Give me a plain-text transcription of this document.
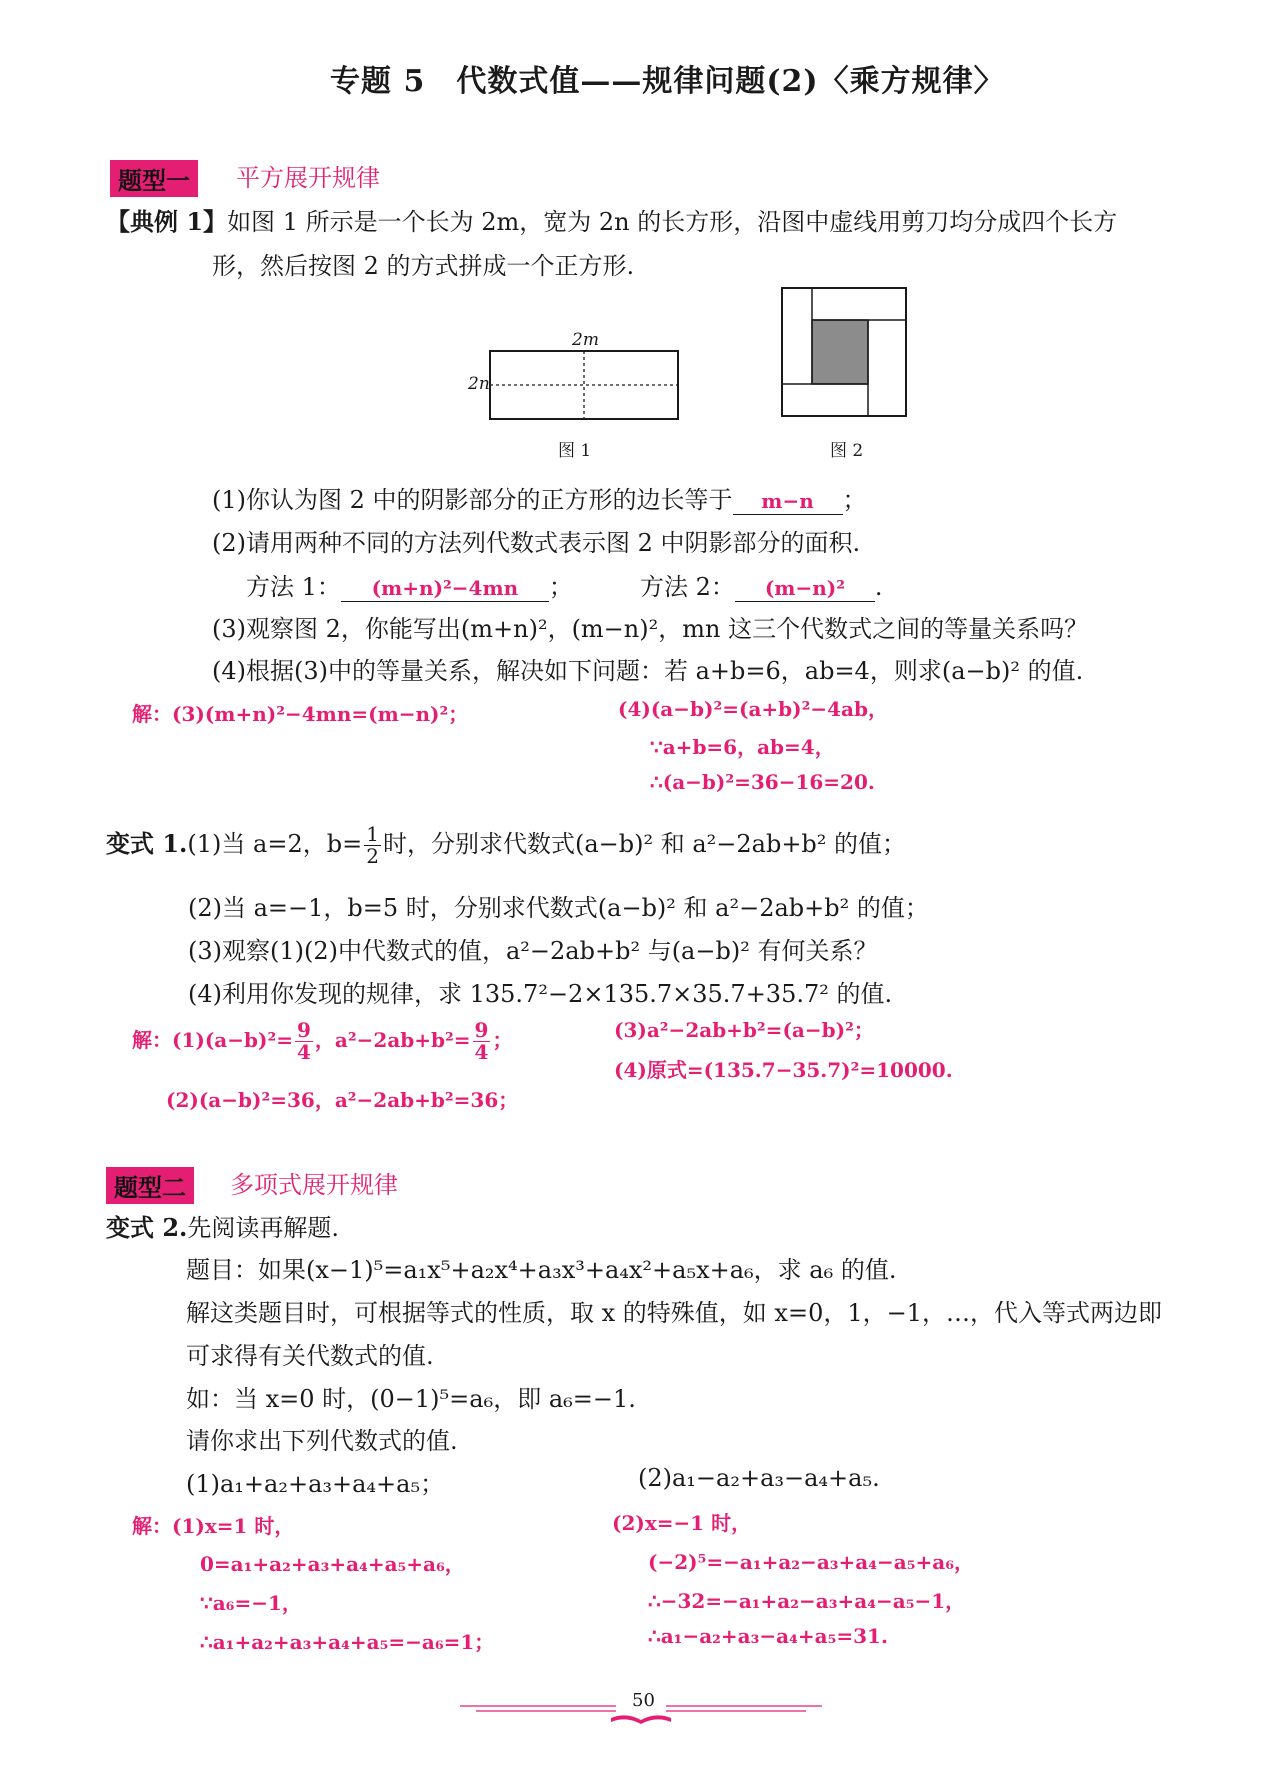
专题 5　代数式值——规律问题(2)〈乘方规律〉
题型一	平方展开规律
【典例 1】如图 1 所示是一个长为 2m，宽为 2n 的长方形，沿图中虚线用剪刀均分成四个长方
形，然后按图 2 的方式拼成一个正方形.
2m
2n
图 1	图 2
(1)你认为图 2 中的阴影部分的正方形的边长等于 m−n ；
(2)请用两种不同的方法列代数式表示图 2 中阴影部分的面积.
方法 1： (m+n)²−4mn ；	方法 2： (m−n)² .
(3)观察图 2，你能写出(m+n)²，(m−n)²，mn 这三个代数式之间的等量关系吗？
(4)根据(3)中的等量关系，解决如下问题：若 a+b=6，ab=4，则求(a−b)² 的值.
解：(3)(m+n)²−4mn=(m−n)²；	(4)(a−b)²=(a+b)²−4ab，
∵a+b=6，ab=4，
∴(a−b)²=36−16=20.
变式 1.(1)当 a=2，$b= \frac{1}{2}$ 时，分别求代数式(a−b)² 和 a²−2ab+b² 的值；
(2)当 a=−1，b=5 时，分别求代数式(a−b)² 和 a²−2ab+b² 的值；
(3)观察(1)(2)中代数式的值，a²−2ab+b² 与(a−b)² 有何关系？
(4)利用你发现的规律，求 135.7²−2×135.7×35.7+35.7² 的值.
解：$(1)(a-b)^2= \frac{9}{4}$ ，$a^2-2ab+b^2= \frac{9}{4}$ ；
(2)(a−b)²=36，a²−2ab+b²=36；
(3)a²−2ab+b²=(a−b)²；
(4)原式=(135.7−35.7)²=10000.
题型二	多项式展开规律
变式 2.先阅读再解题.
题目：如果(x−1)⁵=a₁x⁵+a₂x⁴+a₃x³+a₄x²+a₅x+a₆，求 a₆ 的值.
解这类题目时，可根据等式的性质，取 x 的特殊值，如 x=0，1，−1，…，代入等式两边即
可求得有关代数式的值.
如：当 x=0 时，(0−1)⁵=a₆，即 a₆=−1.
请你求出下列代数式的值.
(1)a₁+a₂+a₃+a₄+a₅；	(2)a₁−a₂+a₃−a₄+a₅.
解：(1)x=1 时，
0=a₁+a₂+a₃+a₄+a₅+a₆，
∵a₆=−1，
∴a₁+a₂+a₃+a₄+a₅=−a₆=1；
(2)x=−1 时，
(−2)⁵=−a₁+a₂−a₃+a₄−a₅+a₆，
∴−32=−a₁+a₂−a₃+a₄−a₅−1，
∴a₁−a₂+a₃−a₄+a₅=31.
50
